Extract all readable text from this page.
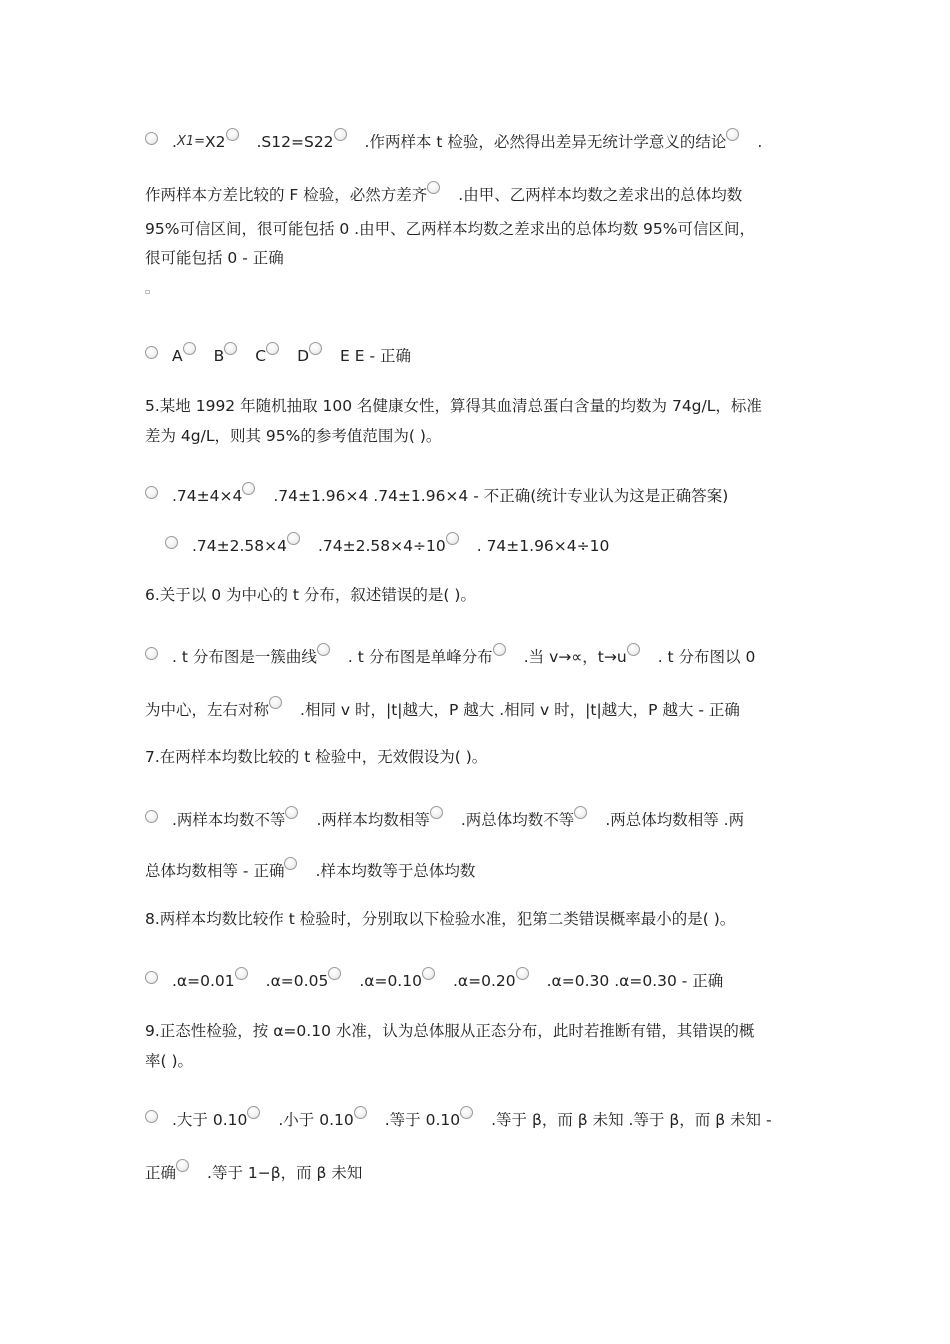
.X1=X2 .S12=S22 .作两样本 t 检验，必然得出差异无统计学意义的结论 .
作两样本方差比较的 F 检验，必然方差齐 .由甲、乙两样本均数之差求出的总体均数
95%可信区间，很可能包括 0 .由甲、乙两样本均数之差求出的总体均数 95%可信区间，
很可能包括 0 - 正确
▫
A B C D E E - 正确
5.某地 1992 年随机抽取 100 名健康女性，算得其血清总蛋白含量的均数为 74g/L，标准
差为 4g/L，则其 95%的参考值范围为( )。
.74±4×4 .74±1.96×4 .74±1.96×4 - 不正确(统计专业认为这是正确答案)
.74±2.58×4 .74±2.58×4÷10 . 74±1.96×4÷10
6.关于以 0 为中心的 t 分布，叙述错误的是( )。
. t 分布图是一簇曲线 . t 分布图是单峰分布 .当 v→∝，t→u . t 分布图以 0
为中心，左右对称 .相同 v 时，|t|越大，P 越大 .相同 v 时，|t|越大，P 越大 - 正确
7.在两样本均数比较的 t 检验中，无效假设为( )。
.两样本均数不等 .两样本均数相等 .两总体均数不等 .两总体均数相等 .两
总体均数相等 - 正确 .样本均数等于总体均数
8.两样本均数比较作 t 检验时，分别取以下检验水准，犯第二类错误概率最小的是( )。
.α=0.01 .α=0.05 .α=0.10 .α=0.20 .α=0.30 .α=0.30 - 正确
9.正态性检验，按 α=0.10 水准，认为总体服从正态分布，此时若推断有错，其错误的概
率( )。
.大于 0.10 .小于 0.10 .等于 0.10 .等于 β，而 β 未知 .等于 β，而 β 未知 -
正确 .等于 1−β，而 β 未知
